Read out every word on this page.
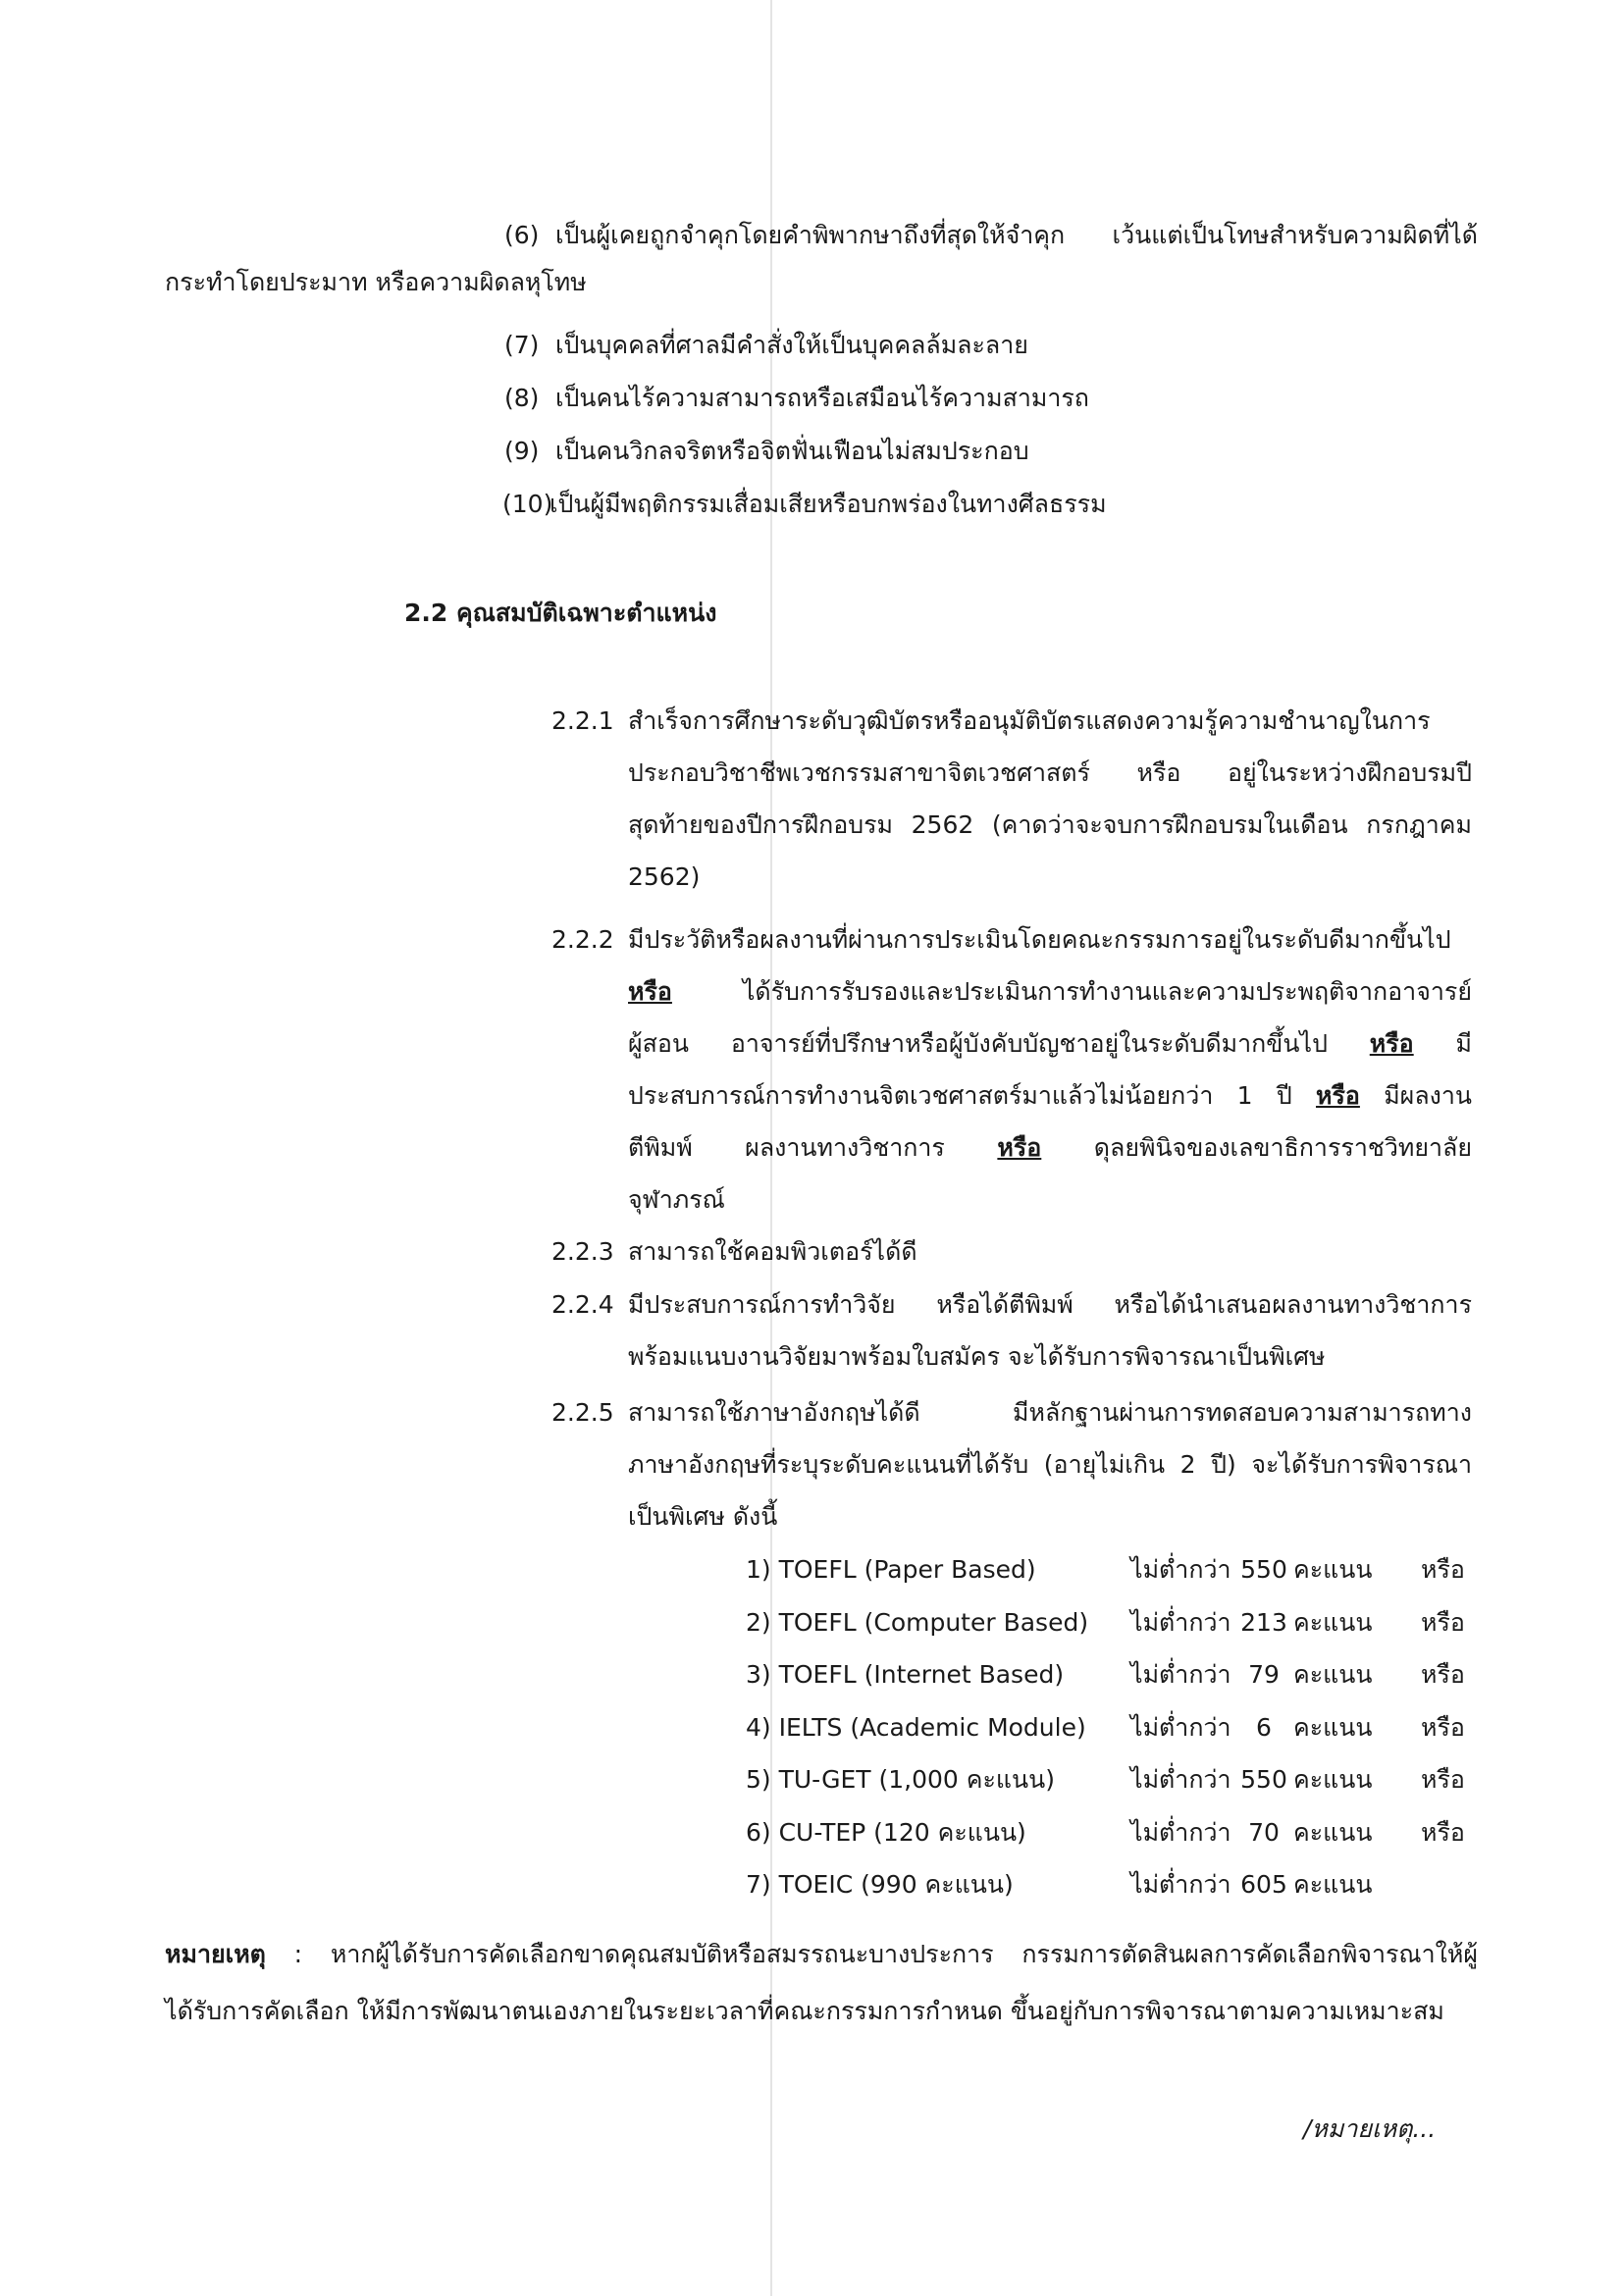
(6) เป็นผู้เคยถูกจำคุกโดยคำพิพากษาถึงที่สุดให้จำคุก เว้นแต่เป็นโทษสำหรับความผิดที่ได้
กระทำโดยประมาท หรือความผิดลหุโทษ
(7) เป็นบุคคลที่ศาลมีคำสั่งให้เป็นบุคคลล้มละลาย
(8) เป็นคนไร้ความสามารถหรือเสมือนไร้ความสามารถ
(9) เป็นคนวิกลจริตหรือจิตฟั่นเฟือนไม่สมประกอบ
(10)
เป็นผู้มีพฤติกรรมเสื่อมเสียหรือบกพร่องในทางศีลธรรม
2.2 คุณสมบัติเฉพาะตำแหน่ง
2.2.1 สำเร็จการศึกษาระดับวุฒิบัตรหรืออนุมัติบัตรแสดงความรู้ความชำนาญในการ
ประกอบวิชาชีพเวชกรรมสาขาจิตเวชศาสตร์ หรือ อยู่ในระหว่างฝึกอบรมปี
สุดท้ายของปีการฝึกอบรม 2562 (คาดว่าจะจบการฝึกอบรมในเดือน กรกฎาคม
2562)
2.2.2 มีประวัติหรือผลงานที่ผ่านการประเมินโดยคณะกรรมการอยู่ในระดับดีมากขึ้นไป
หรือ ได้รับการรับรองและประเมินการทำงานและความประพฤติจากอาจารย์
ผู้สอน อาจารย์ที่ปรึกษาหรือผู้บังคับบัญชาอยู่ในระดับดีมากขึ้นไป หรือ มี
ประสบการณ์การทำงานจิตเวชศาสตร์มาแล้วไม่น้อยกว่า 1 ปี หรือ มีผลงาน
ตีพิมพ์ ผลงานทางวิชาการ หรือ ดุลยพินิจของเลขาธิการราชวิทยาลัย
จุฬาภรณ์
2.2.3 สามารถใช้คอมพิวเตอร์ได้ดี
2.2.4 มีประสบการณ์การทำวิจัย หรือได้ตีพิมพ์ หรือได้นำเสนอผลงานทางวิชาการ
พร้อมแนบงานวิจัยมาพร้อมใบสมัคร จะได้รับการพิจารณาเป็นพิเศษ
2.2.5 สามารถใช้ภาษาอังกฤษได้ดี มีหลักฐานผ่านการทดสอบความสามารถทาง
ภาษาอังกฤษที่ระบุระดับคะแนนที่ได้รับ (อายุไม่เกิน 2 ปี) จะได้รับการพิจารณา
เป็นพิเศษ ดังนี้
1) TOEFL (Paper Based)	ไม่ต่ำกว่า 550 คะแนน หรือ
2) TOEFL (Computer Based) ไม่ต่ำกว่า 213 คะแนน หรือ
3) TOEFL (Internet Based)	ไม่ต่ำกว่า 79 คะแนน หรือ
4) IELTS (Academic Module) ไม่ต่ำกว่า	6 คะแนน หรือ
5) TU-GET (1,000 คะแนน)	ไม่ต่ำกว่า 550 คะแนน หรือ
6) CU-TEP (120 คะแนน)	ไม่ต่ำกว่า 70 คะแนน หรือ
7) TOEIC (990 คะแนน)	ไม่ต่ำกว่า 605 คะแนน
หมายเหตุ : หากผู้ได้รับการคัดเลือกขาดคุณสมบัติหรือสมรรถนะบางประการ กรรมการตัดสินผลการคัดเลือกพิจารณาให้ผู้
ได้รับการคัดเลือก ให้มีการพัฒนาตนเองภายในระยะเวลาที่คณะกรรมการกำหนด ขึ้นอยู่กับการพิจารณาตามความเหมาะสม
/หมายเหตุ...
